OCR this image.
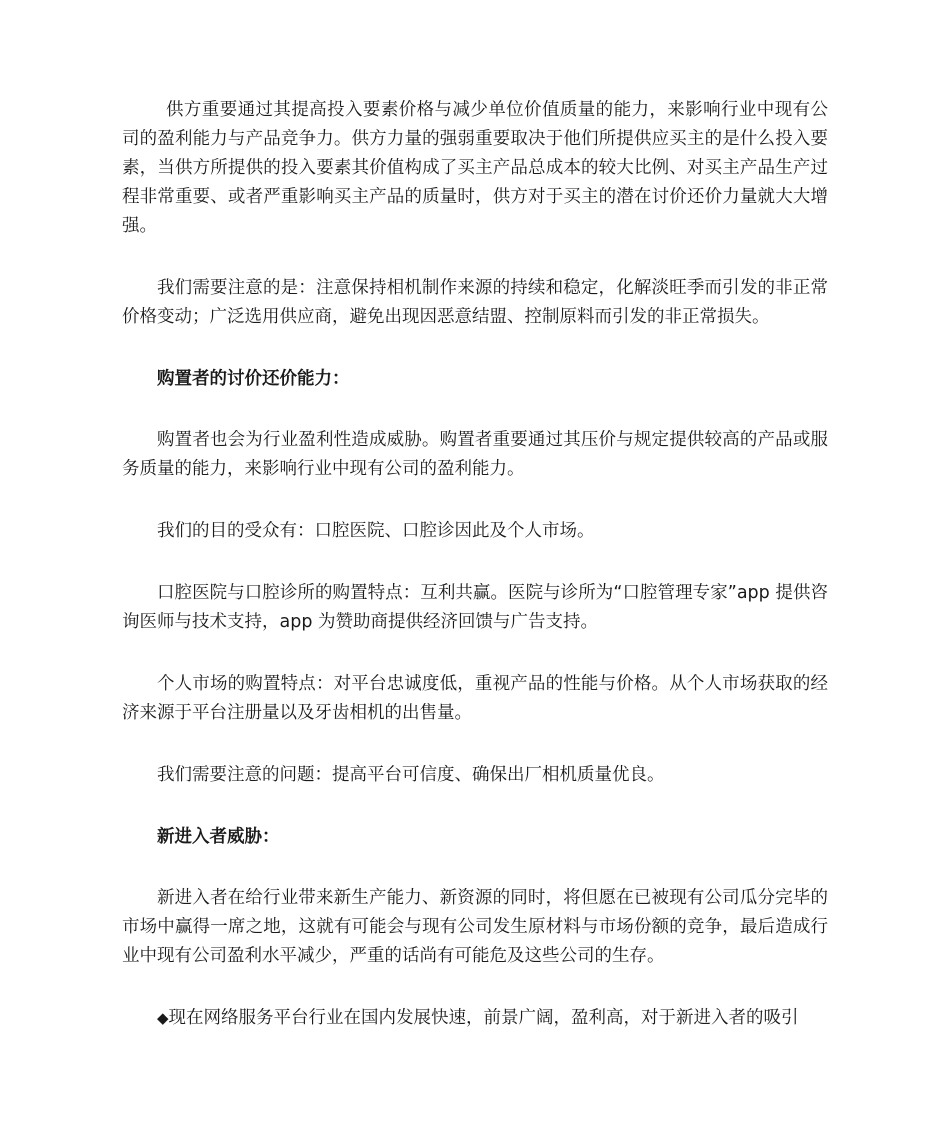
供方重要通过其提高投入要素价格与减少单位价值质量的能力，来影响行业中现有公司的盈利能力与产品竞争力。供方力量的强弱重要取决于他们所提供应买主的是什么投入要素，当供方所提供的投入要素其价值构成了买主产品总成本的较大比例、对买主产品生产过程非常重要、或者严重影响买主产品的质量时，供方对于买主的潜在讨价还价力量就大大增强。

我们需要注意的是：注意保持相机制作来源的持续和稳定，化解淡旺季而引发的非正常价格变动；广泛选用供应商，避免出现因恶意结盟、控制原料而引发的非正常损失。

购置者的讨价还价能力：

购置者也会为行业盈利性造成威胁。购置者重要通过其压价与规定提供较高的产品或服务质量的能力，来影响行业中现有公司的盈利能力。

我们的目的受众有：口腔医院、口腔诊因此及个人市场。

口腔医院与口腔诊所的购置特点：互利共赢。医院与诊所为“口腔管理专家”app 提供咨询医师与技术支持，app 为赞助商提供经济回馈与广告支持。

个人市场的购置特点：对平台忠诚度低，重视产品的性能与价格。从个人市场获取的经济来源于平台注册量以及牙齿相机的出售量。

我们需要注意的问题：提高平台可信度、确保出厂相机质量优良。

新进入者威胁：

新进入者在给行业带来新生产能力、新资源的同时，将但愿在已被现有公司瓜分完毕的市场中赢得一席之地，这就有可能会与现有公司发生原材料与市场份额的竞争，最后造成行业中现有公司盈利水平减少，严重的话尚有可能危及这些公司的生存。

◆现在网络服务平台行业在国内发展快速，前景广阔，盈利高，对于新进入者的吸引
